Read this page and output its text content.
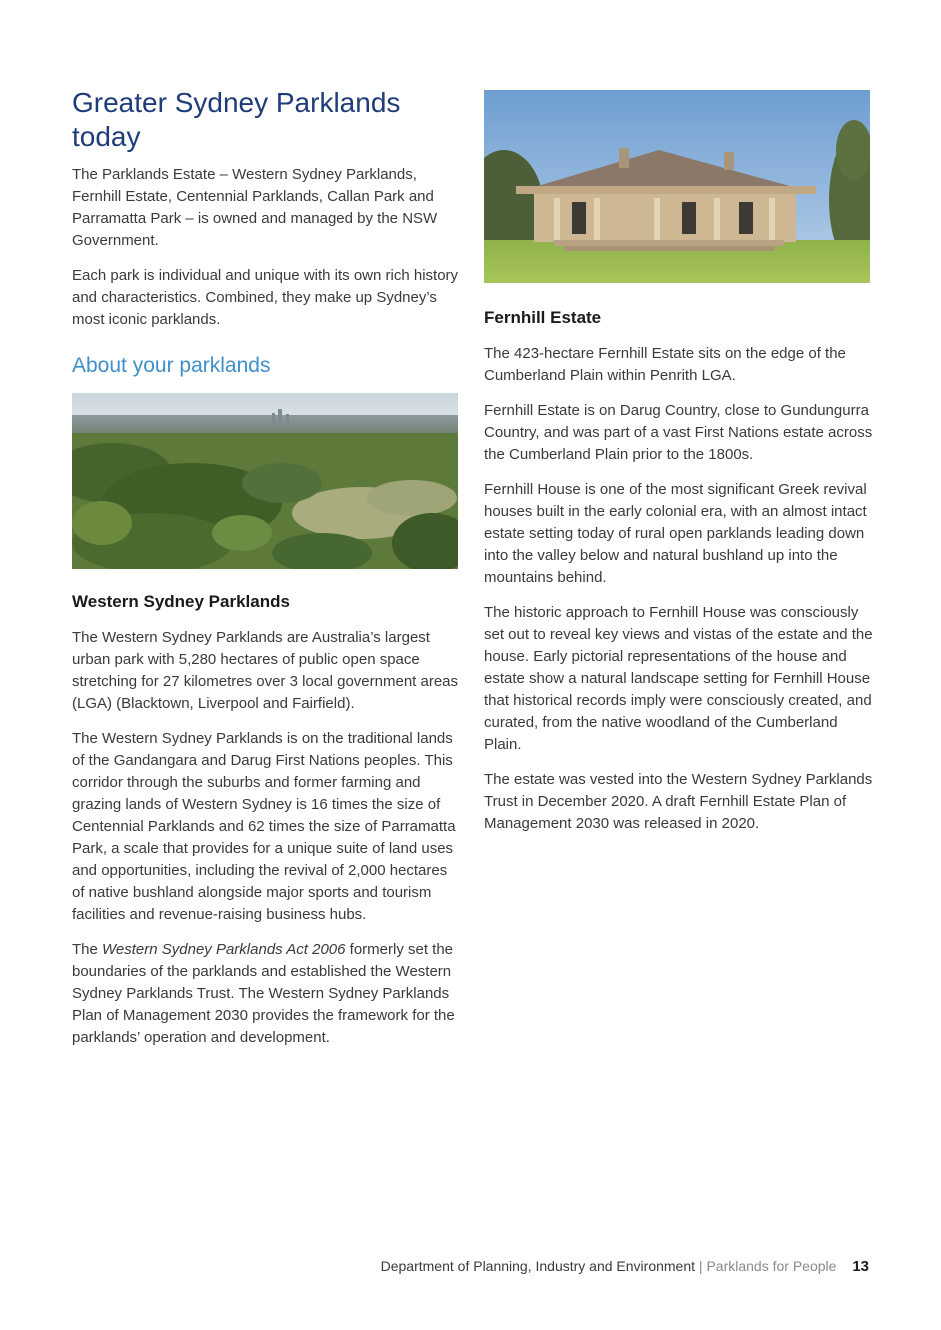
Greater Sydney Parklands today

The Parklands Estate – Western Sydney Parklands, Fernhill Estate, Centennial Parklands, Callan Park and Parramatta Park – is owned and managed by the NSW Government.

Each park is individual and unique with its own rich history and characteristics. Combined, they make up Sydney’s most iconic parklands.

About your parklands
Western Sydney Parklands

The Western Sydney Parklands are Australia’s largest urban park with 5,280 hectares of public open space stretching for 27 kilometres over 3 local government areas (LGA) (Blacktown, Liverpool and Fairfield).

The Western Sydney Parklands is on the traditional lands of the Gandangara and Darug First Nations peoples. This corridor through the suburbs and former farming and grazing lands of Western Sydney is 16 times the size of Centennial Parklands and 62 times the size of Parramatta Park, a scale that provides for a unique suite of land uses and opportunities, including the revival of 2,000 hectares of native bushland alongside major sports and tourism facilities and revenue-raising business hubs.

The Western Sydney Parklands Act 2006 formerly set the boundaries of the parklands and established the Western Sydney Parklands Trust. The Western Sydney Parklands Plan of Management 2030 provides the framework for the parklands’ operation and development.

Fernhill Estate

The 423-hectare Fernhill Estate sits on the edge of the Cumberland Plain within Penrith LGA.

Fernhill Estate is on Darug Country, close to Gundungurra Country, and was part of a vast First Nations estate across the Cumberland Plain prior to the 1800s.

Fernhill House is one of the most significant Greek revival houses built in the early colonial era, with an almost intact estate setting today of rural open parklands leading down into the valley below and natural bushland up into the mountains behind.

The historic approach to Fernhill House was consciously set out to reveal key views and vistas of the estate and the house. Early pictorial representations of the house and estate show a natural landscape setting for Fernhill House that historical records imply were consciously created, and curated, from the native woodland of the Cumberland Plain.

The estate was vested into the Western Sydney Parklands Trust in December 2020. A draft Fernhill Estate Plan of Management 2030 was released in 2020.

Department of Planning, Industry and Environment | Parklands for People 13
